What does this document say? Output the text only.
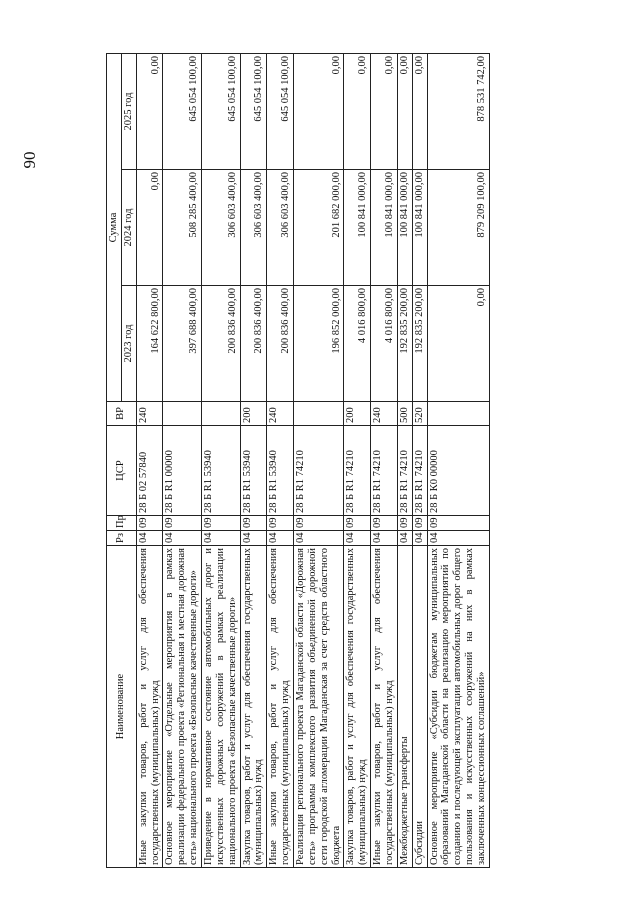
90
Наименование	Рз	Пр	ЦСР	ВР	Сумма		
					2023 год	2024 год	2025 год
Иные закупки товаров, работ и услуг для обеспечения государственных (муниципальных) нужд	04	09	28 Б 02 57840	240	164 622 800,00	0,00	0,00
Основное мероприятие «Отдельные мероприятия в рамках реализации федерального проекта «Региональная и местная дорожная сеть» национального проекта «Безопасные качественные дороги»	04	09	28 Б R1 00000		397 688 400,00	508 285 400,00	645 054 100,00
Приведение в нормативное состояние автомобильных дорог и искусственных дорожных сооружений в рамках реализации национального проекта «Безопасные качественные дороги»	04	09	28 Б R1 53940		200 836 400,00	306 603 400,00	645 054 100,00
Закупка товаров, работ и услуг для обеспечения государственных (муниципальных) нужд	04	09	28 Б R1 53940	200	200 836 400,00	306 603 400,00	645 054 100,00
Иные закупки товаров, работ и услуг для обеспечения государственных (муниципальных) нужд	04	09	28 Б R1 53940	240	200 836 400,00	306 603 400,00	645 054 100,00
Реализация регионального проекта Магаданской области «Дорожная сеть» программы комплексного развития объединенной дорожной сети городской агломерации Магаданская за счет средств областного бюджета	04	09	28 Б R1 74210		196 852 000,00	201 682 000,00	0,00
Закупка товаров, работ и услуг для обеспечения государственных (муниципальных) нужд	04	09	28 Б R1 74210	200	4 016 800,00	100 841 000,00	0,00
Иные закупки товаров, работ и услуг для обеспечения государственных (муниципальных) нужд	04	09	28 Б R1 74210	240	4 016 800,00	100 841 000,00	0,00
Межбюджетные трансферты	04	09	28 Б R1 74210	500	192 835 200,00	100 841 000,00	0,00
Субсидии	04	09	28 Б R1 74210	520	192 835 200,00	100 841 000,00	0,00
Основное мероприятие «Субсидии бюджетам муниципальных образований Магаданской области на реализацию мероприятий по созданию и последующей эксплуатации автомобильных дорог общего пользования и искусственных сооружений на них в рамках заключенных концессионных соглашений»	04	09	28 Б К0 00000		0,00	879 209 100,00	878 531 742,00
